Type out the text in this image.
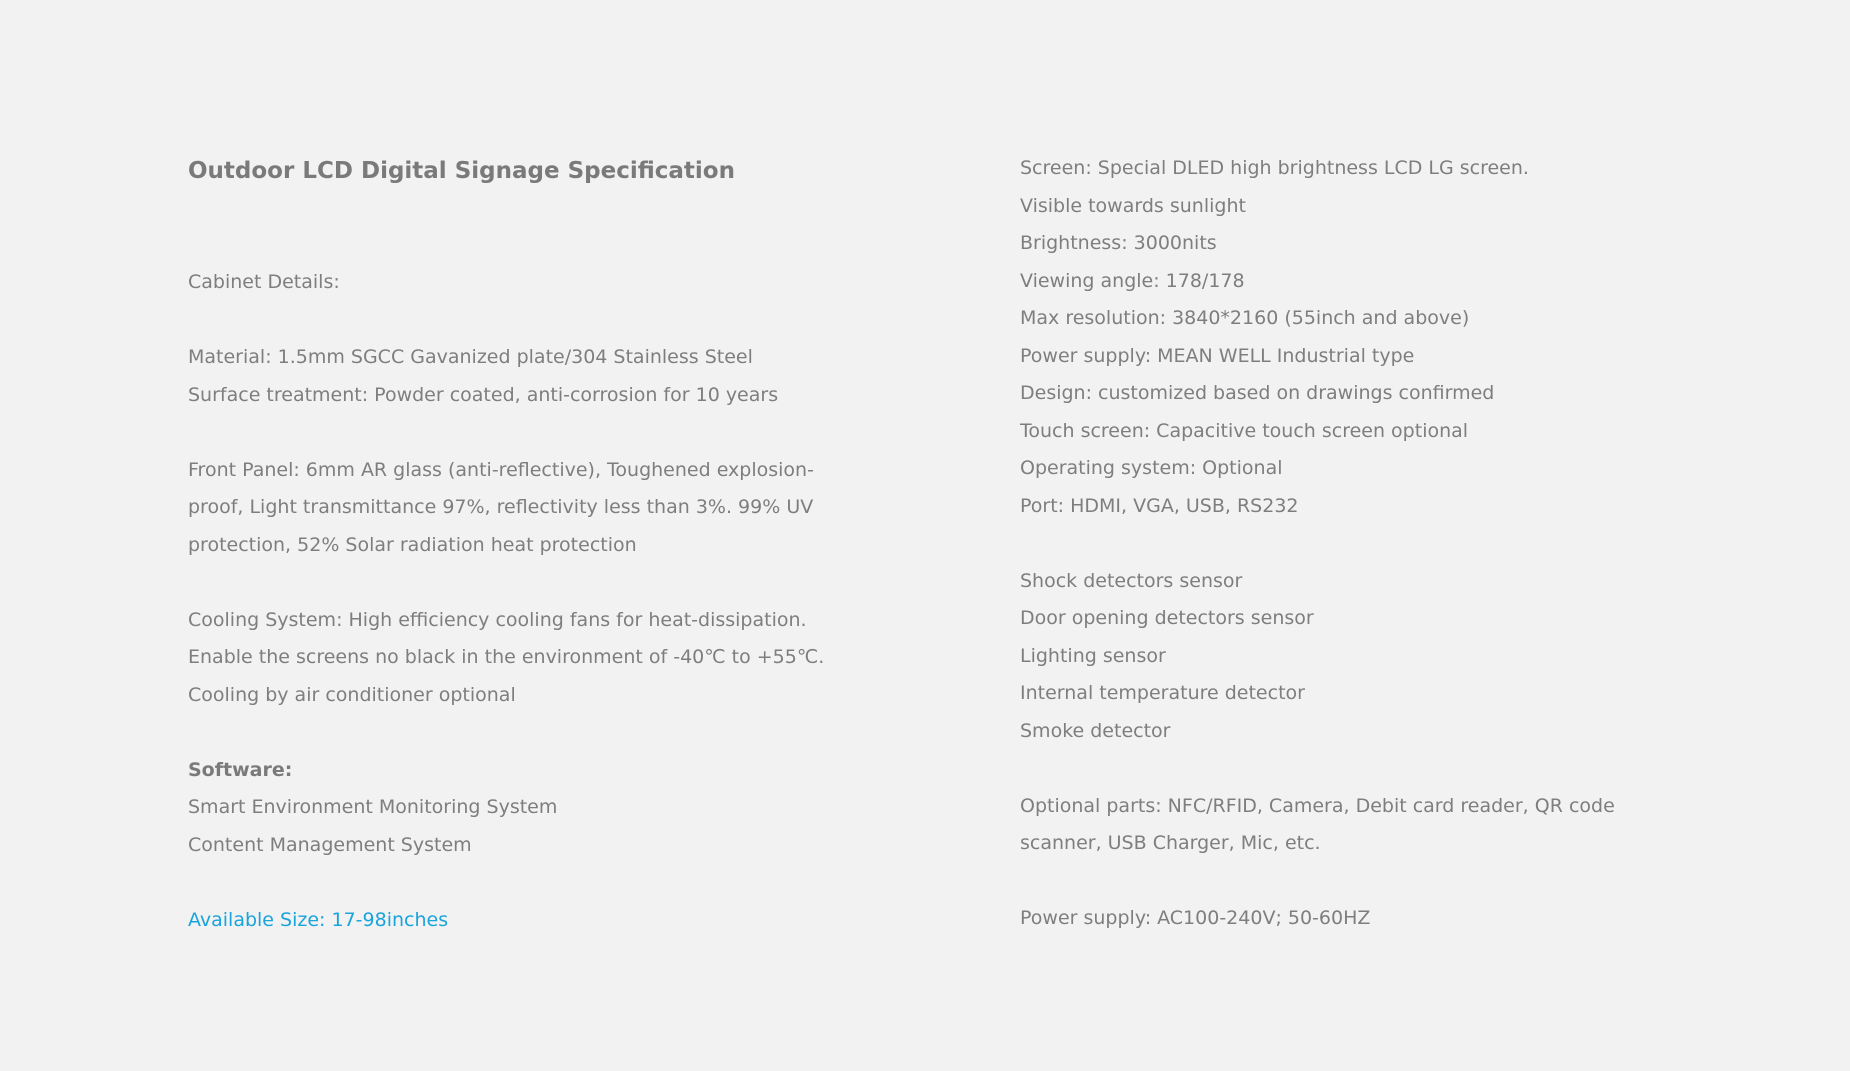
Outdoor LCD Digital Signage Specification
Cabinet Details:
Material: 1.5mm SGCC Gavanized plate/304 Stainless Steel
Surface treatment: Powder coated, anti-corrosion for 10 years
Front Panel: 6mm AR glass (anti-reflective), Toughened explosion-
proof, Light transmittance 97%, reflectivity less than 3%. 99% UV
protection, 52% Solar radiation heat protection
Cooling System: High efficiency cooling fans for heat-dissipation.
Enable the screens no black in the environment of -40℃ to +55℃.
Cooling by air conditioner optional
Software:
Smart Environment Monitoring System
Content Management System
Available Size: 17-98inches
Screen: Special DLED high brightness LCD LG screen.
Visible towards sunlight
Brightness: 3000nits
Viewing angle: 178/178
Max resolution: 3840*2160 (55inch and above)
Power supply: MEAN WELL Industrial type
Design: customized based on drawings confirmed
Touch screen: Capacitive touch screen optional
Operating system: Optional
Port: HDMI, VGA, USB, RS232
Shock detectors sensor
Door opening detectors sensor
Lighting sensor
Internal temperature detector
Smoke detector
Optional parts: NFC/RFID, Camera, Debit card reader, QR code
scanner, USB Charger, Mic, etc.
Power supply: AC100-240V; 50-60HZ
